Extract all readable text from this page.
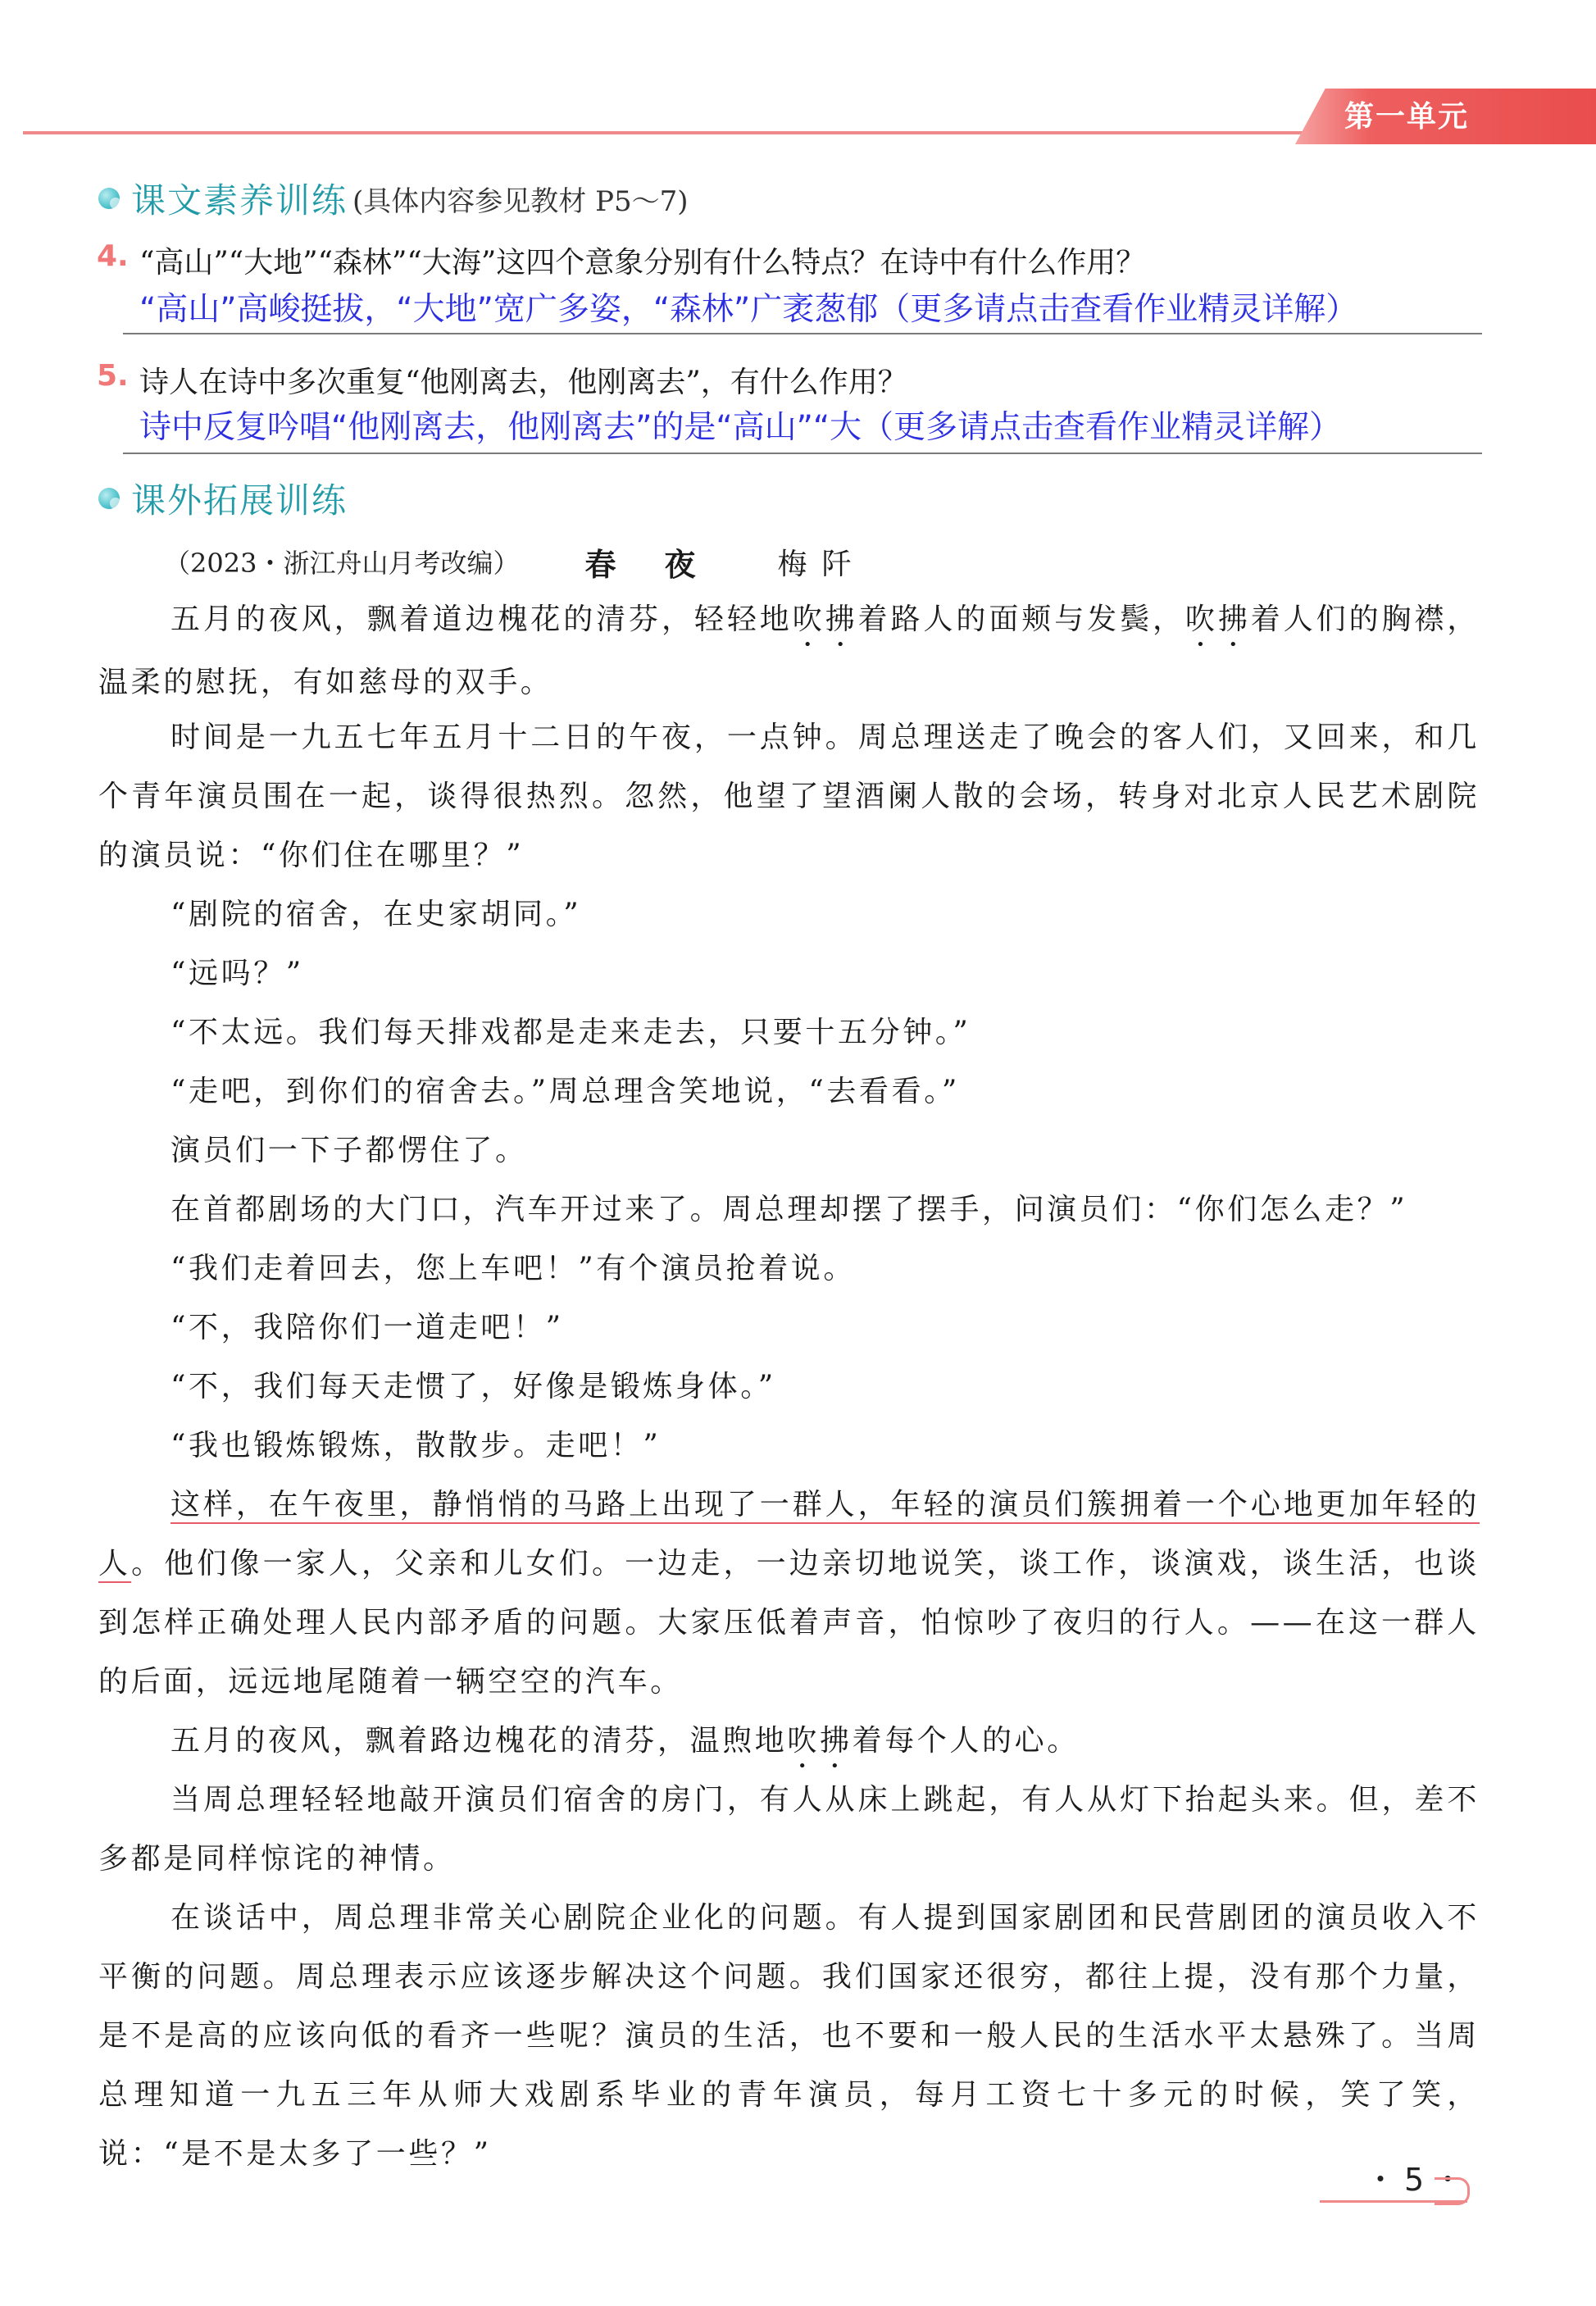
第一单元
课文素养训练 (具体内容参见教材 P5～7)
4. “高山”“大地”“森林”“大海”这四个意象分别有什么特点？在诗中有什么作用？
“高山”高峻挺拔，“大地”宽广多姿，“森林”广袤葱郁（更多请点击查看作业精灵详解）
5. 诗人在诗中多次重复“他刚离去，他刚离去”，有什么作用？
诗中反复吟唱“他刚离去，他刚离去”的是“高山”“大（更多请点击查看作业精灵详解）
课外拓展训练
（2023・浙江舟山月考改编） 春 夜	梅阡
五月的夜风，飘着道边槐花的清芬，轻轻地吹拂着路人的面颊与发鬓，吹拂着人们的胸襟，温柔的慰抚，有如慈母的双手。
时间是一九五七年五月十二日的午夜，一点钟。周总理送走了晚会的客人们，又回来，和几个青年演员围在一起，谈得很热烈。忽然，他望了望酒阑人散的会场，转身对北京人民艺术剧院的演员说：“你们住在哪里？”
“剧院的宿舍，在史家胡同。”
“远吗？”
“不太远。我们每天排戏都是走来走去，只要十五分钟。”
“走吧，到你们的宿舍去。”周总理含笑地说，“去看看。”
演员们一下子都愣住了。
在首都剧场的大门口，汽车开过来了。周总理却摆了摆手，问演员们：“你们怎么走？”
“我们走着回去，您上车吧！”有个演员抢着说。
“不，我陪你们一道走吧！”
“不，我们每天走惯了，好像是锻炼身体。”
“我也锻炼锻炼，散散步。走吧！”
这样，在午夜里，静悄悄的马路上出现了一群人，年轻的演员们簇拥着一个心地更加年轻的人。他们像一家人，父亲和儿女们。一边走，一边亲切地说笑，谈工作，谈演戏，谈生活，也谈到怎样正确处理人民内部矛盾的问题。大家压低着声音，怕惊吵了夜归的行人。——在这一群人的后面，远远地尾随着一辆空空的汽车。
五月的夜风，飘着路边槐花的清芬，温煦地吹拂着每个人的心。
当周总理轻轻地敲开演员们宿舍的房门，有人从床上跳起，有人从灯下抬起头来。但，差不多都是同样惊诧的神情。
在谈话中，周总理非常关心剧院企业化的问题。有人提到国家剧团和民营剧团的演员收入不平衡的问题。周总理表示应该逐步解决这个问题。我们国家还很穷，都往上提，没有那个力量，是不是高的应该向低的看齐一些呢？演员的生活，也不要和一般人民的生活水平太悬殊了。当周总理知道一九五三年从师大戏剧系毕业的青年演员，每月工资七十多元的时候，笑了笑，说：“是不是太多了一些？”
・5・
